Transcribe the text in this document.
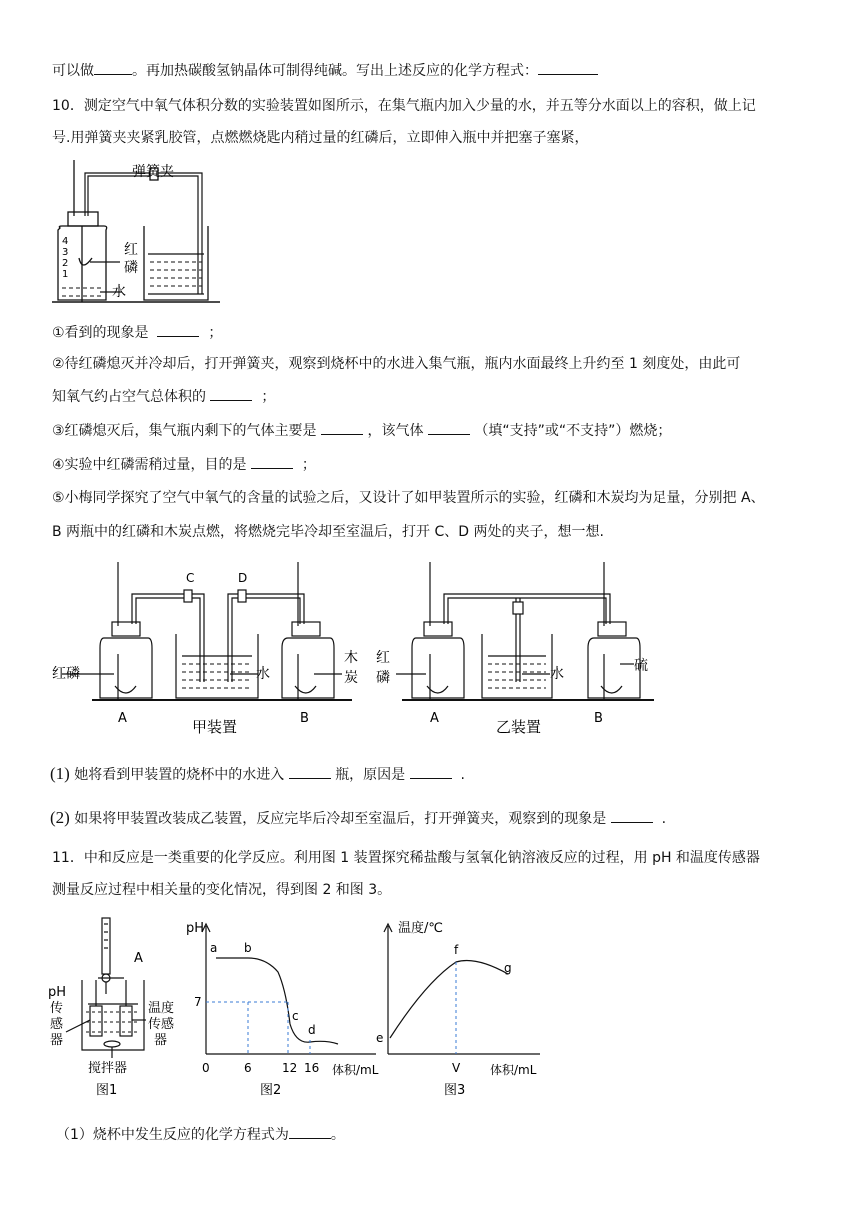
可以做	。再加热碳酸氢钠晶体可制得纯碱。写出上述反应的化学方程式：
10．测定空气中氧气体积分数的实验装置如图所示，在集气瓶内加入少量的水，并五等分水面以上的容积，做上记
号.用弹簧夹夹紧乳胶管，点燃燃烧匙内稍过量的红磷后，立即伸入瓶中并把塞子塞紧，
弹簧夹
4
3
2
1
红
磷
水
①看到的现象是	；
②待红磷熄灭并冷却后，打开弹簧夹，观察到烧杯中的水进入集气瓶，瓶内水面最终上升约至 1 刻度处，由此可
知氧气约占空气总体积的	；
③红磷熄灭后，集气瓶内剩下的气体主要是	，该气体	（填“支持”或“不支持”）燃烧；
④实验中红磷需稍过量，目的是	；
⑤小梅同学探究了空气中氧气的含量的试验之后，又设计了如甲装置所示的实验，红磷和木炭均为足量，分别把 A、
B 两瓶中的红磷和木炭点燃，将燃烧完毕冷却至室温后，打开 C、D 两处的夹子，想一想.
C	D
红磷	水
木
炭
A	甲装置	B
红
磷	水	硫
A	乙装置	B
(1) 她将看到甲装置的烧杯中的水进入	瓶，原因是	.
(2) 如果将甲装置改装成乙装置，反应完毕后冷却至室温后，打开弹簧夹，观察到的现象是	.
11．中和反应是一类重要的化学反应。利用图 1 装置探究稀盐酸与氢氧化钠溶液反应的过程，用 pH 和温度传感器
测量反应过程中相关量的变化情况，得到图 2 和图 3。
A
pH
传
感
器
温度
传感
器
搅拌器
图1
pH
7
0	6	12 16 体积/mL
a b
c
d
图2
温度/℃
e
f
g
V 体积/mL
图3
（1）烧杯中发生反应的化学方程式为	。
